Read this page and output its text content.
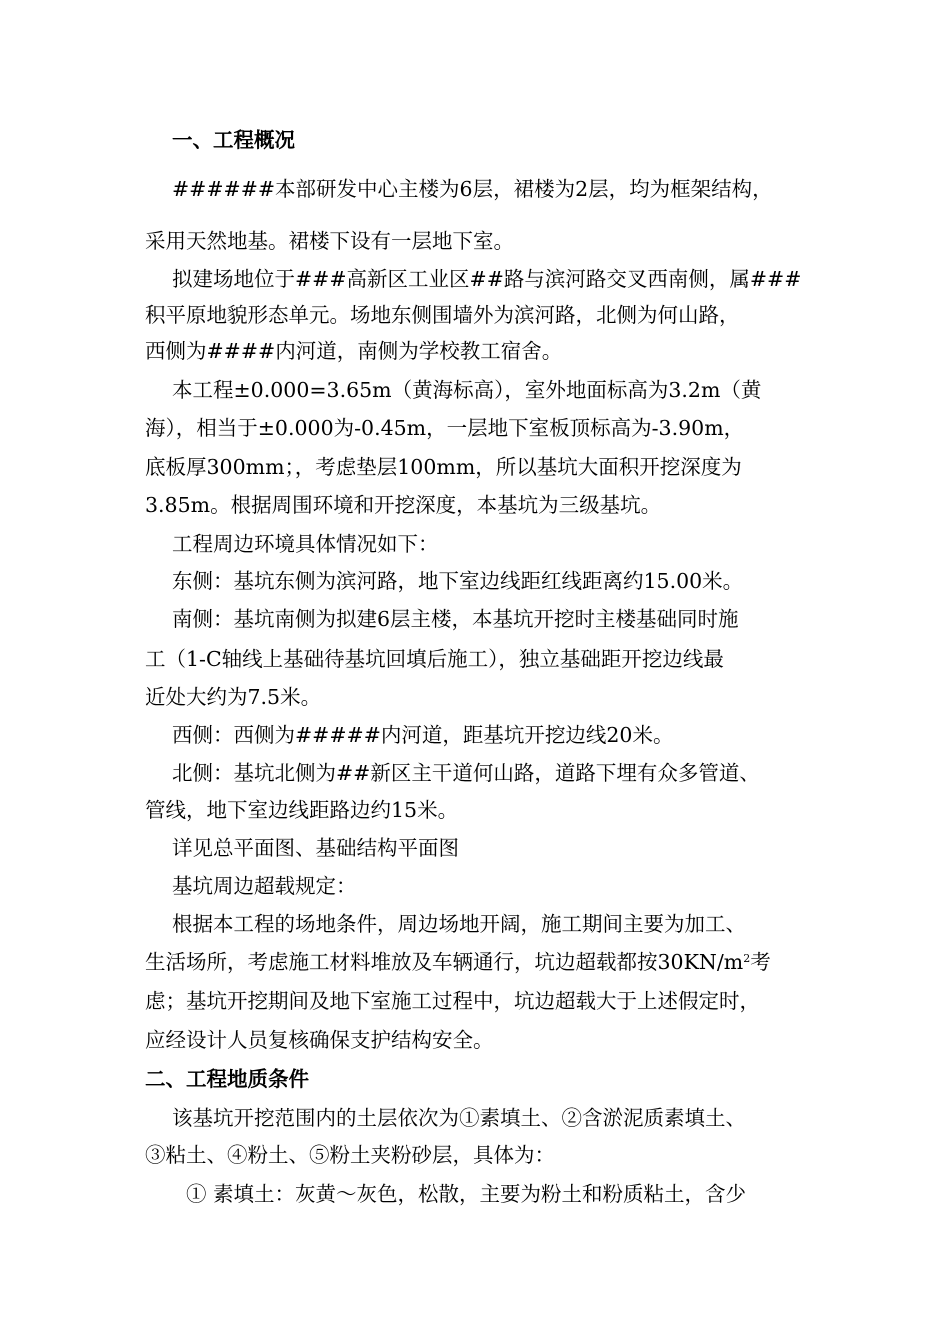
一、工程概况
######本部研发中心主楼为6层，裙楼为2层，均为框架结构，
采用天然地基。裙楼下设有一层地下室。
拟建场地位于###高新区工业区##路与滨河路交叉西南侧，属###
积平原地貌形态单元。场地东侧围墙外为滨河路，北侧为何山路，
西侧为####内河道，南侧为学校教工宿舍。
本工程±0.000=3.65m（黄海标高），室外地面标高为3.2m（黄
海），相当于±0.000为-0.45m，一层地下室板顶标高为-3.90m，
底板厚300mm；，考虑垫层100mm，所以基坑大面积开挖深度为
3.85m。根据周围环境和开挖深度，本基坑为三级基坑。
工程周边环境具体情况如下：
东侧：基坑东侧为滨河路，地下室边线距红线距离约15.00米。
南侧：基坑南侧为拟建6层主楼，本基坑开挖时主楼基础同时施
工（1-C轴线上基础待基坑回填后施工），独立基础距开挖边线最
近处大约为7.5米。
西侧：西侧为#####内河道，距基坑开挖边线20米。
北侧：基坑北侧为##新区主干道何山路，道路下埋有众多管道、
管线，地下室边线距路边约15米。
详见总平面图、基础结构平面图
基坑周边超载规定：
根据本工程的场地条件，周边场地开阔，施工期间主要为加工、
生活场所，考虑施工材料堆放及车辆通行，坑边超载都按$30KN/m^2$考
虑；基坑开挖期间及地下室施工过程中，坑边超载大于上述假定时，
应经设计人员复核确保支护结构安全。
二、工程地质条件
该基坑开挖范围内的土层依次为①素填土、②含淤泥质素填土、
③粘土、④粉土、⑤粉土夹粉砂层，具体为：
① 素填土：灰黄～灰色，松散，主要为粉土和粉质粘土，含少
